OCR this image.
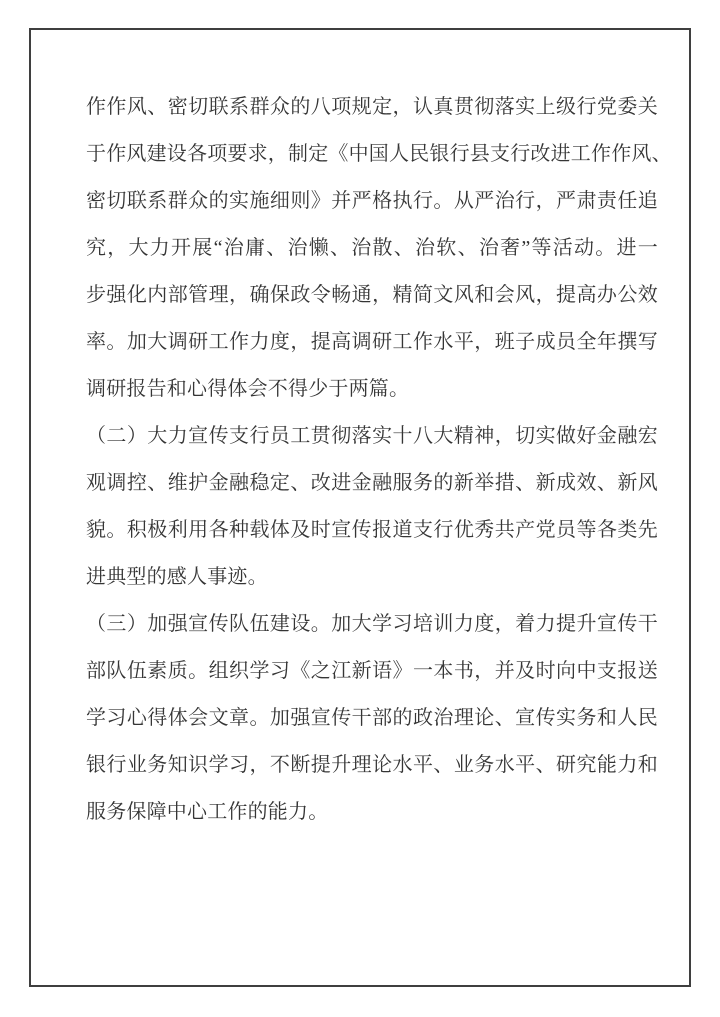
作作风、密切联系群众的八项规定，认真贯彻落实上级行党委关
于作风建设各项要求，制定《中国人民银行县支行改进工作作风、
密切联系群众的实施细则》并严格执行。从严治行，严肃责任追
究，大力开展“治庸、治懒、治散、治软、治奢”等活动。进一
步强化内部管理，确保政令畅通，精简文风和会风，提高办公效
率。加大调研工作力度，提高调研工作水平，班子成员全年撰写
调研报告和心得体会不得少于两篇。
（二）大力宣传支行员工贯彻落实十八大精神，切实做好金融宏
观调控、维护金融稳定、改进金融服务的新举措、新成效、新风
貌。积极利用各种载体及时宣传报道支行优秀共产党员等各类先
进典型的感人事迹。
（三）加强宣传队伍建设。加大学习培训力度，着力提升宣传干
部队伍素质。组织学习《之江新语》一本书，并及时向中支报送
学习心得体会文章。加强宣传干部的政治理论、宣传实务和人民
银行业务知识学习，不断提升理论水平、业务水平、研究能力和
服务保障中心工作的能力。
